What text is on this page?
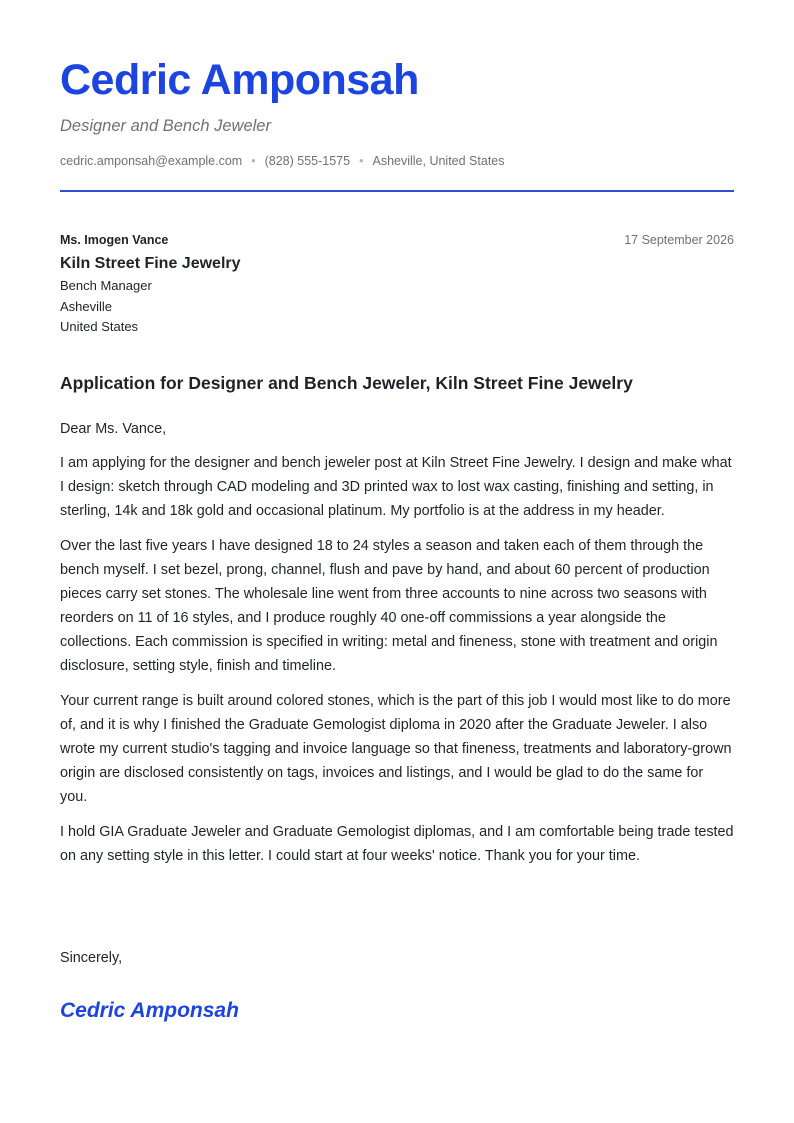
Cedric Amponsah
Designer and Bench Jeweler
cedric.amponsah@example.com • (828) 555-1575 • Asheville, United States
Ms. Imogen Vance	17 September 2026
Kiln Street Fine Jewelry
Bench Manager
Asheville
United States
Application for Designer and Bench Jeweler, Kiln Street Fine Jewelry

Dear Ms. Vance,

I am applying for the designer and bench jeweler post at Kiln Street Fine Jewelry. I design and make what I design: sketch through CAD modeling and 3D printed wax to lost wax casting, finishing and setting, in sterling, 14k and 18k gold and occasional platinum. My portfolio is at the address in my header.

Over the last five years I have designed 18 to 24 styles a season and taken each of them through the bench myself. I set bezel, prong, channel, flush and pave by hand, and about 60 percent of production pieces carry set stones. The wholesale line went from three accounts to nine across two seasons with reorders on 11 of 16 styles, and I produce roughly 40 one-off commissions a year alongside the collections. Each commission is specified in writing: metal and fineness, stone with treatment and origin disclosure, setting style, finish and timeline.

Your current range is built around colored stones, which is the part of this job I would most like to do more of, and it is why I finished the Graduate Gemologist diploma in 2020 after the Graduate Jeweler. I also wrote my current studio's tagging and invoice language so that fineness, treatments and laboratory-grown origin are disclosed consistently on tags, invoices and listings, and I would be glad to do the same for you.

I hold GIA Graduate Jeweler and Graduate Gemologist diplomas, and I am comfortable being trade tested on any setting style in this letter. I could start at four weeks' notice. Thank you for your time.

Sincerely,
Cedric Amponsah
